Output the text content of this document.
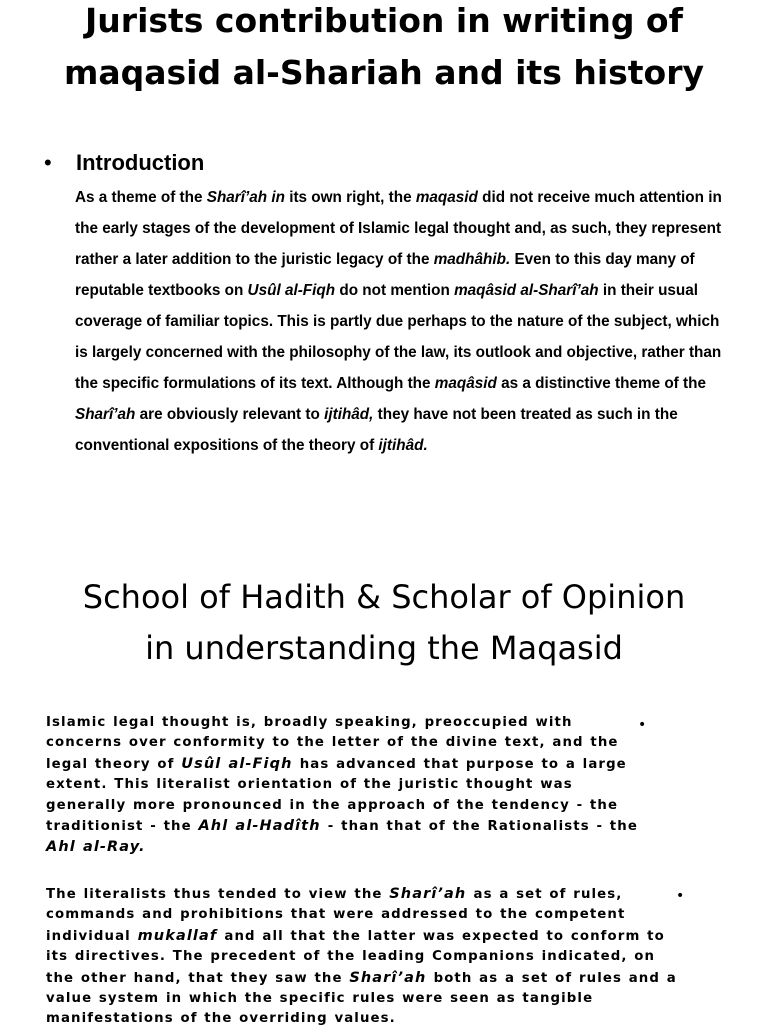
Jurists contribution in writing of
maqasid al-Shariah and its history
• Introduction
As a theme of the Sharî’ah in its own right, the maqasid did not receive much attention in the early stages of the development of Islamic legal thought and, as such, they represent rather a later addition to the juristic legacy of the madhâhib. Even to this day many of reputable textbooks on Usûl al-Fiqh do not mention maqâsid al-Sharî’ah in their usual coverage of familiar topics. This is partly due perhaps to the nature of the subject, which is largely concerned with the philosophy of the law, its outlook and objective, rather than the specific formulations of its text. Although the maqâsid as a distinctive theme of the Sharî’ah are obviously relevant to ijtihâd, they have not been treated as such in the conventional expositions of the theory of ijtihâd.
School of Hadith & Scholar of Opinion
in understanding the Maqasid
Islamic legal thought is, broadly speaking, preoccupied with concerns over conformity to the letter of the divine text, and the legal theory of Usûl al-Fiqh has advanced that purpose to a large extent. This literalist orientation of the juristic thought was generally more pronounced in the approach of the tendency - the traditionist - the Ahl al-Hadîth - than that of the Rationalists - the Ahl al-Ray.
•
The literalists thus tended to view the Sharî’ah as a set of rules, commands and prohibitions that were addressed to the competent individual mukallaf and all that the latter was expected to conform to its directives. The precedent of the leading Companions indicated, on the other hand, that they saw the Sharî’ah both as a set of rules and a value system in which the specific rules were seen as tangible manifestations of the overriding values.
•
